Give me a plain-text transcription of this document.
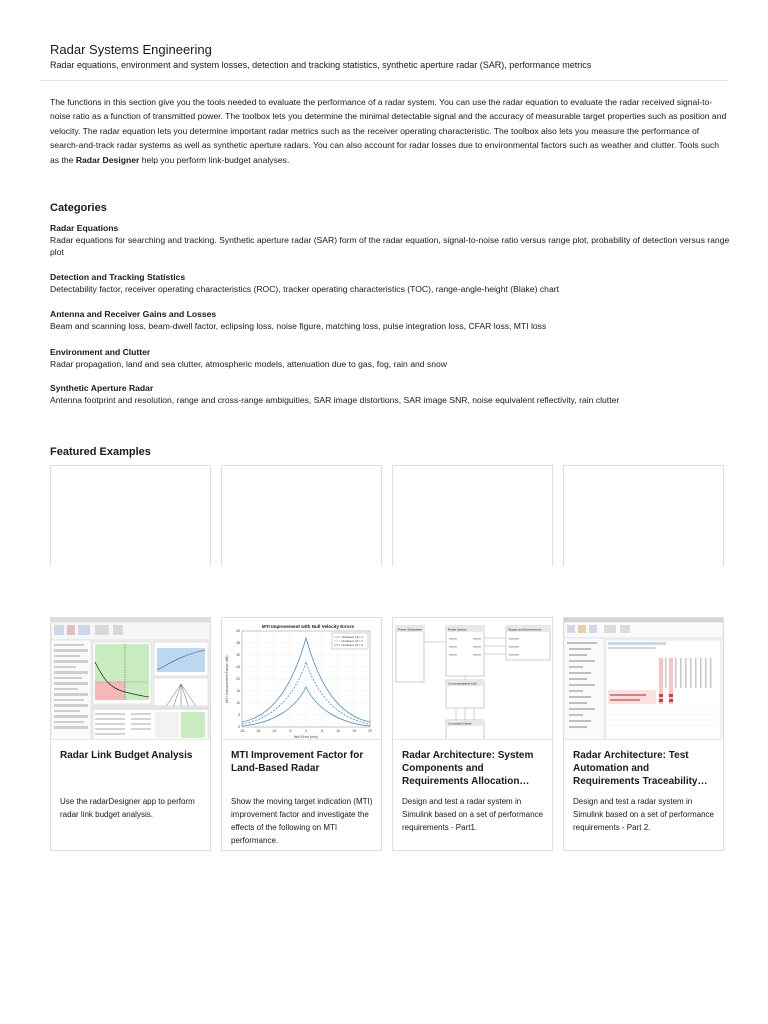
Radar Systems Engineering
Radar equations, environment and system losses, detection and tracking statistics, synthetic aperture radar (SAR), performance metrics
The functions in this section give you the tools needed to evaluate the performance of a radar system. You can use the radar equation to evaluate the radar received signal-to-noise ratio as a function of transmitted power. The toolbox lets you determine the minimal detectable signal and the accuracy of measurable target properties such as position and velocity. The radar equation lets you determine important radar metrics such as the receiver operating characteristic. The toolbox also lets you measure the performance of search-and-track radar systems as well as synthetic aperture radars. You can also account for radar losses due to environmental factors such as weather and clutter. Tools such as the Radar Designer help you perform link-budget analyses.
Categories
Radar Equations
Radar equations for searching and tracking. Synthetic aperture radar (SAR) form of the radar equation, signal-to-noise ratio versus range plot, probability of detection versus range plot
Detection and Tracking Statistics
Detectability factor, receiver operating characteristics (ROC), tracker operating characteristics (TOC), range-angle-height (Blake) chart
Antenna and Receiver Gains and Losses
Beam and scanning loss, beam-dwell factor, eclipsing loss, noise figure, matching loss, pulse integration loss, CFAR loss, MTI loss
Environment and Clutter
Radar propagation, land and sea clutter, atmospheric models, attenuation due to gas, fog, rain and snow
Synthetic Aperture Radar
Antenna footprint and resolution, range and cross-range ambiguities, SAR image distortions, SAR image SNR, noise equivalent reflectivity, rain clutter
Featured Examples
Radar Link Budget Analysis
Use the radarDesigner app to perform radar link budget analysis.
MTI Improvement with Null Velocity Errors
40
35
30
25
20
15
10
5
0
-20	-15	-10	-5	0	5	10	15	20
Null Error (m/s)
MTI Improvement Factor (dB)
Untrained, 1k = 1
Untrained, 2k = 2
Untrained, 3k = 3
MTI Improvement Factor for Land-Based Radar
Show the moving target indication (MTI) improvement factor and investigate the effects of the following on MTI performance.
Power Subsystem	Radar Sensor	Targets and Environment
Communications Link
Command Center
Radar Architecture: System Components and Requirements Allocation…
Design and test a radar system in Simulink based on a set of performance requirements - Part1.
Radar Architecture: Test Automation and Requirements Traceability…
Design and test a radar system in Simulink based on a set of performance requirements - Part 2.
